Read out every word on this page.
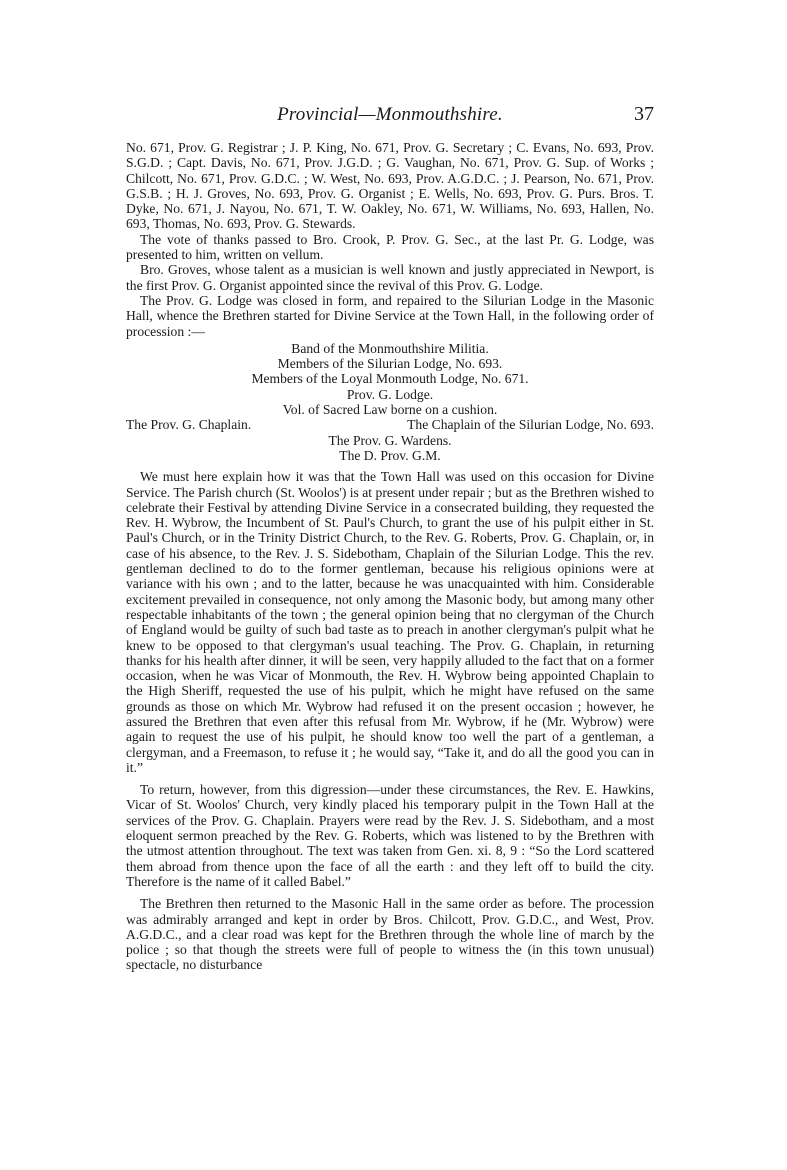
Provincial—Monmouthshire.	37

No. 671, Prov. G. Registrar ; J. P. King, No. 671, Prov. G. Secretary ; C. Evans, No. 693, Prov. S.G.D. ; Capt. Davis, No. 671, Prov. J.G.D. ; G. Vaughan, No. 671, Prov. G. Sup. of Works ; Chilcott, No. 671, Prov. G.D.C. ; W. West, No. 693, Prov. A.G.D.C. ; J. Pearson, No. 671, Prov. G.S.B. ; H. J. Groves, No. 693, Prov. G. Organist ; E. Wells, No. 693, Prov. G. Purs. Bros. T. Dyke, No. 671, J. Nayou, No. 671, T. W. Oakley, No. 671, W. Williams, No. 693, Hallen, No. 693, Thomas, No. 693, Prov. G. Stewards.

The vote of thanks passed to Bro. Crook, P. Prov. G. Sec., at the last Pr. G. Lodge, was presented to him, written on vellum.

Bro. Groves, whose talent as a musician is well known and justly appreciated in Newport, is the first Prov. G. Organist appointed since the revival of this Prov. G. Lodge.

The Prov. G. Lodge was closed in form, and repaired to the Silurian Lodge in the Masonic Hall, whence the Brethren started for Divine Service at the Town Hall, in the following order of procession :—

Band of the Monmouthshire Militia.
Members of the Silurian Lodge, No. 693.
Members of the Loyal Monmouth Lodge, No. 671.
Prov. G. Lodge.
Vol. of Sacred Law borne on a cushion.
The Prov. G. Chaplain.	The Chaplain of the Silurian Lodge, No. 693.
The Prov. G. Wardens.
The D. Prov. G.M.

We must here explain how it was that the Town Hall was used on this occasion for Divine Service. The Parish church (St. Woolos') is at present under repair ; but as the Brethren wished to celebrate their Festival by attending Divine Service in a consecrated building, they requested the Rev. H. Wybrow, the Incumbent of St. Paul's Church, to grant the use of his pulpit either in St. Paul's Church, or in the Trinity District Church, to the Rev. G. Roberts, Prov. G. Chaplain, or, in case of his absence, to the Rev. J. S. Sidebotham, Chaplain of the Silurian Lodge. This the rev. gentleman declined to do to the former gentleman, because his religious opinions were at variance with his own ; and to the latter, because he was unacquainted with him. Considerable excitement prevailed in consequence, not only among the Masonic body, but among many other respectable inhabitants of the town ; the general opinion being that no clergyman of the Church of England would be guilty of such bad taste as to preach in another clergyman's pulpit what he knew to be opposed to that clergyman's usual teaching. The Prov. G. Chaplain, in returning thanks for his health after dinner, it will be seen, very happily alluded to the fact that on a former occasion, when he was Vicar of Monmouth, the Rev. H. Wybrow being appointed Chaplain to the High Sheriff, requested the use of his pulpit, which he might have refused on the same grounds as those on which Mr. Wybrow had refused it on the present occasion ; however, he assured the Brethren that even after this refusal from Mr. Wybrow, if he (Mr. Wybrow) were again to request the use of his pulpit, he should know too well the part of a gentleman, a clergyman, and a Freemason, to refuse it ; he would say, “Take it, and do all the good you can in it.”

To return, however, from this digression—under these circumstances, the Rev. E. Hawkins, Vicar of St. Woolos' Church, very kindly placed his temporary pulpit in the Town Hall at the services of the Prov. G. Chaplain. Prayers were read by the Rev. J. S. Sidebotham, and a most eloquent sermon preached by the Rev. G. Roberts, which was listened to by the Brethren with the utmost attention throughout. The text was taken from Gen. xi. 8, 9 : “So the Lord scattered them abroad from thence upon the face of all the earth : and they left off to build the city. Therefore is the name of it called Babel.”

The Brethren then returned to the Masonic Hall in the same order as before. The procession was admirably arranged and kept in order by Bros. Chilcott, Prov. G.D.C., and West, Prov. A.G.D.C., and a clear road was kept for the Brethren through the whole line of march by the police ; so that though the streets were full of people to witness the (in this town unusual) spectacle, no disturbance
